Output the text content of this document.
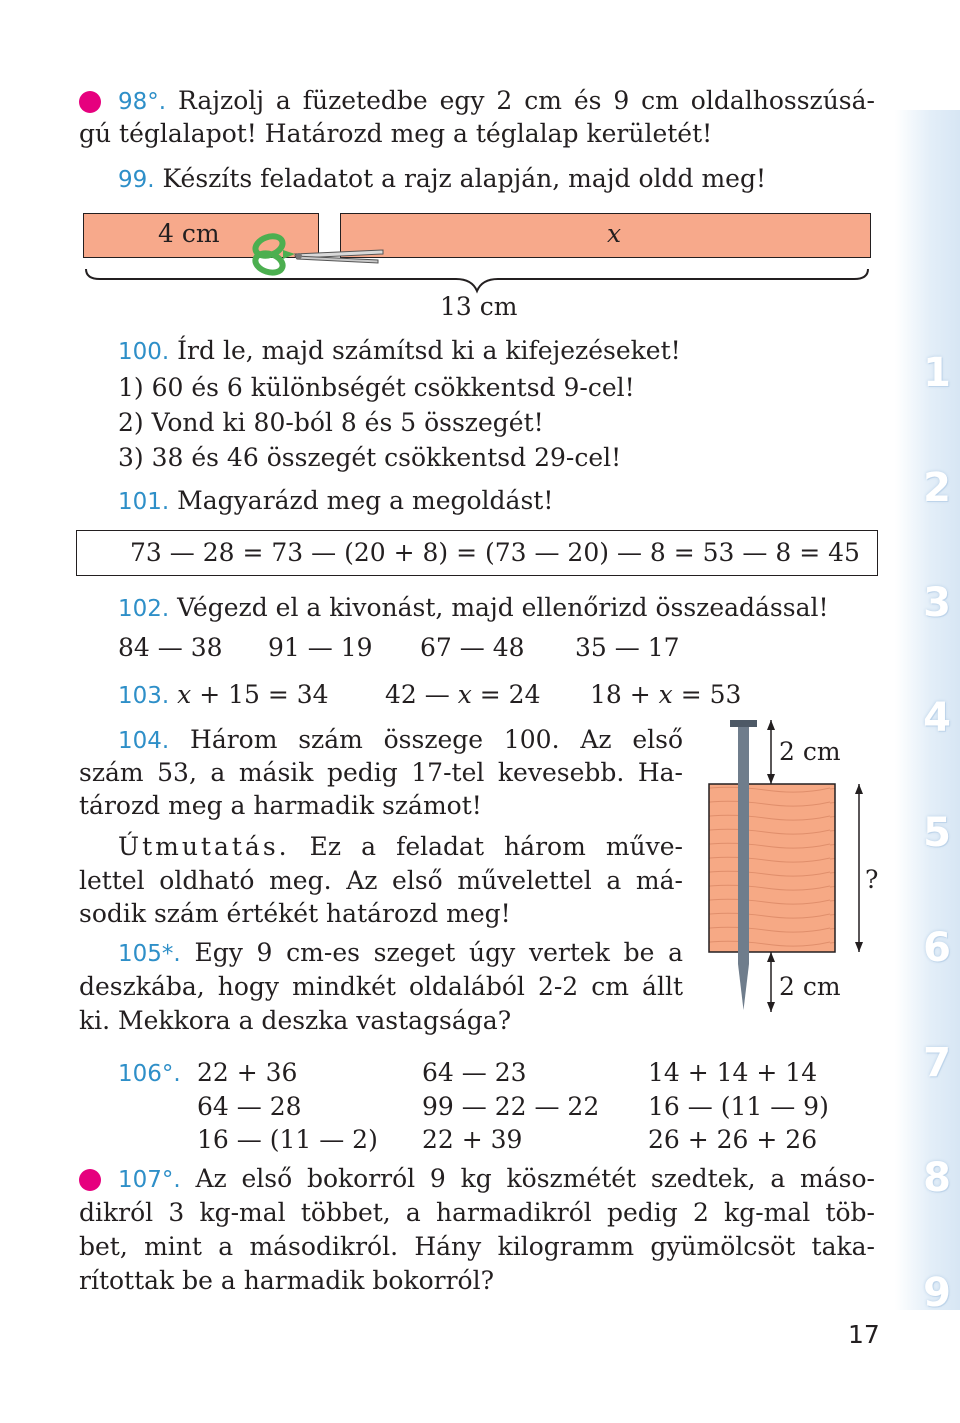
1
2
3
4
5
6
7
8
9
98°. Rajzolj a füzetedbe egy 2 cm és 9 cm oldalhosszúsá-
gú téglalapot! Határozd meg a téglalap kerületét!
99. Készíts feladatot a rajz alapján, majd oldd meg!
4 cm	x
13 cm
100. Írd le, majd számítsd ki a kifejezéseket!
1) 60 és 6 különbségét csökkentsd 9-cel!
2) Vond ki 80-ból 8 és 5 összegét!
3) 38 és 46 összegét csökkentsd 29-cel!
101. Magyarázd meg a megoldást!
73 — 28 = 73 — (20 + 8) = (73 — 20) — 8 = 53 — 8 = 45
102. Végezd el a kivonást, majd ellenőrizd összeadással!
84 — 38 91 — 19 67 — 48 35 — 17
103. x + 15 = 34 42 — x = 24 18 + x = 53
104. Három szám összege 100. Az első
szám 53, a másik pedig 17-tel kevesebb. Ha-
tározd meg a harmadik számot!
Útmutatás. Ez a feladat három műve-
lettel oldható meg. Az első művelettel a má-
sodik szám értékét határozd meg!
105*. Egy 9 cm-es szeget úgy vertek be a
deszkába, hogy mindkét oldalából 2-2 cm állt
ki. Mekkora a deszka vastagsága?
2 cm
?
2 cm
106°. 22 + 36
64 — 28
16 — (11 — 2)
64 — 23
99 — 22 — 22
22 + 39
14 + 14 + 14
16 — (11 — 9)
26 + 26 + 26
107°. Az első bokorról 9 kg köszmétét szedtek, a máso-
dikról 3 kg-mal többet, a harmadikról pedig 2 kg-mal töb-
bet, mint a másodikról. Hány kilogramm gyümölcsöt taka-
rítottak be a harmadik bokorról?
17
